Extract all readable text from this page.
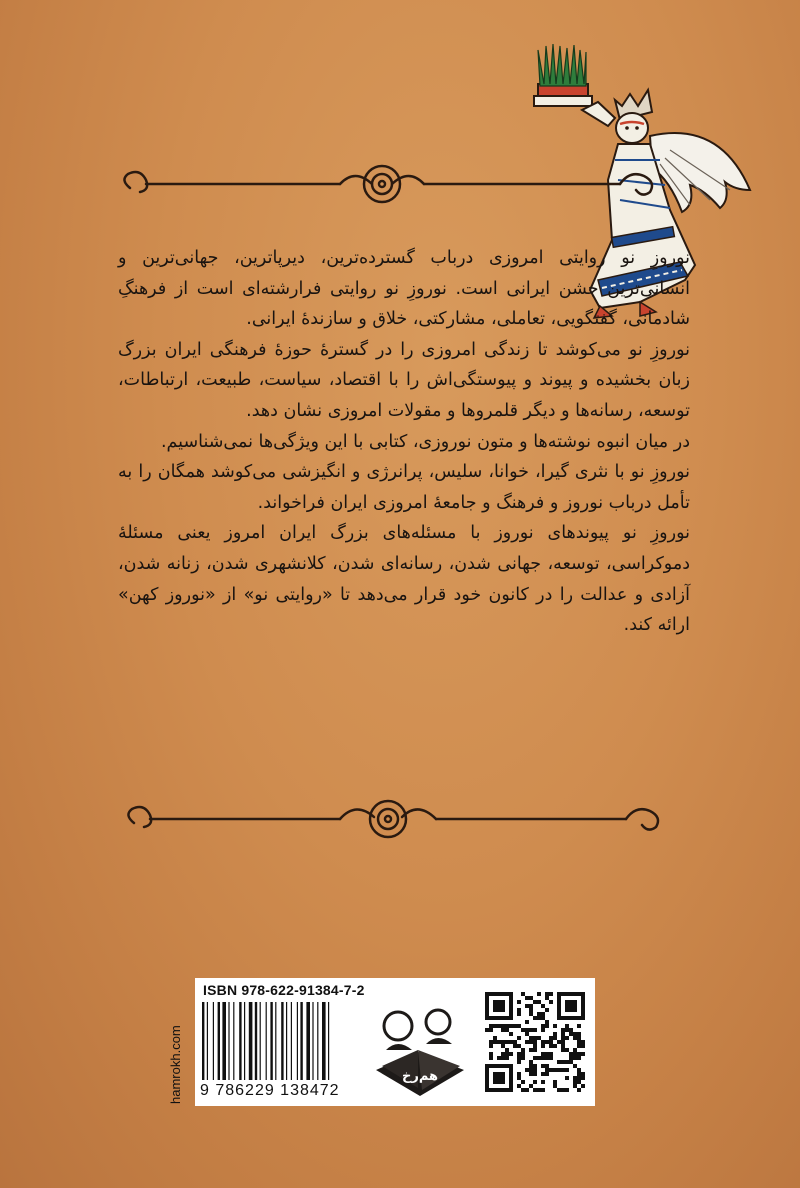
نوروزِ نو روایتی امروزی درباب گسترده‌ترین، دیرپاترین، جهانی‌ترین و انسانی‌ترین جشن ایرانی است. نوروزِ نو روایتی فرارشته‌ای است از فرهنگِ شادمانی، گفتگویی، تعاملی، مشارکتی، خلاق و سازندۀ ایرانی.

نوروزِ نو می‌کوشد تا زندگی امروزی را در گسترۀ حوزۀ فرهنگی ایران بزرگ زبان بخشیده و پیوند و پیوستگی‌اش را با اقتصاد، سیاست، طبیعت، ارتباطات، توسعه، رسانه‌ها و دیگر قلمروها و مقولات امروزی نشان دهد.

در میان انبوه نوشته‌ها و متون نوروزی، کتابی با این ویژگی‌ها نمی‌شناسیم.

نوروزِ نو با نثری گیرا، خوانا، سلیس، پرانرژی و انگیزشی می‌کوشد همگان را به تأمل درباب نوروز و فرهنگ و جامعۀ امروزی ایران فراخواند.

نوروزِ نو پیوندهای نوروز با مسئله‌های بزرگ ایران امروز یعنی مسئلۀ دموکراسی، توسعه، جهانی شدن، رسانه‌ای شدن، کلانشهری شدن، زنانه شدن، آزادی و عدالت را در کانون خود قرار می‌دهد تا «روایتی نو» از «نوروز کهن» ارائه کند.

ISBN 978-622-91384-7-2
9 786229 138472
هم‌رخ
hamrokh.com
